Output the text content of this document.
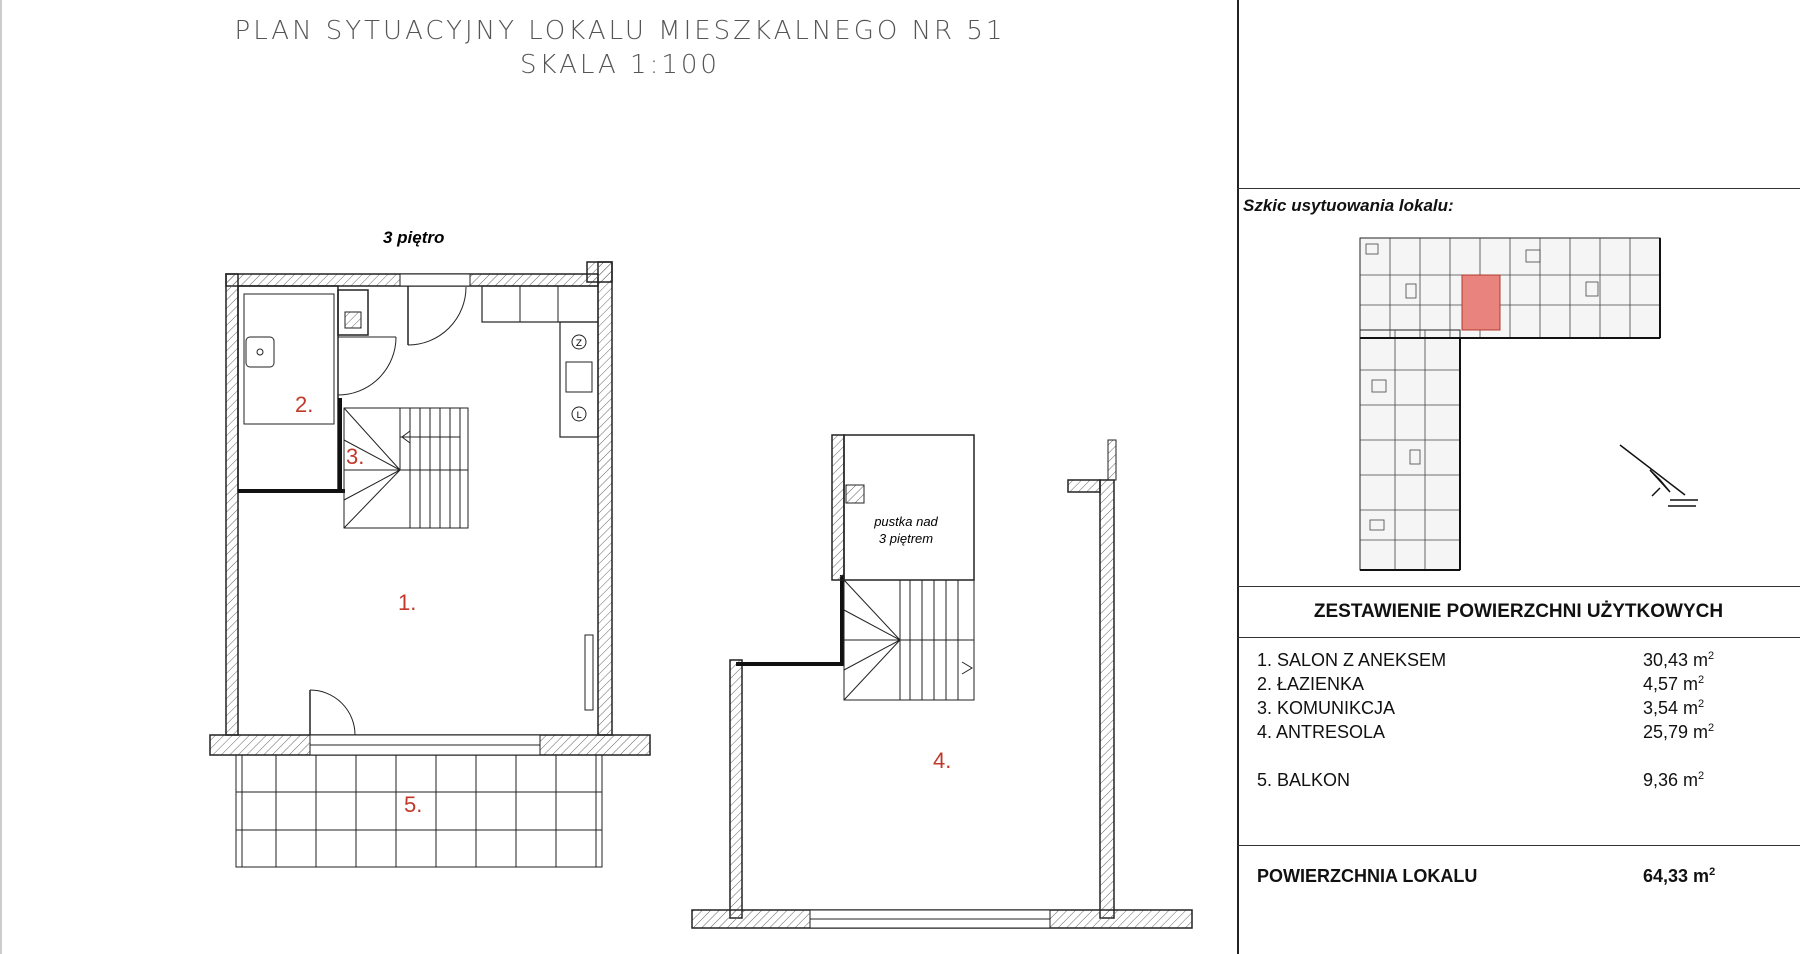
PLAN SYTUACYJNY LOKALU MIESZKALNEGO NR 51
SKALA 1:100
Z
L
2.
3.
1.
5.
4.
3 piętro
pustka nad
3 piętrem
Szkic usytuowania lokalu:
ZESTAWIENIE POWIERZCHNI UŻYTKOWYCH
1. SALON Z ANEKSEM	30,43 $m^2$
2. ŁAZIENKA	4,57 $m^2$
3. KOMUNIKCJA	3,54 $m^2$
4. ANTRESOLA	25,79 $m^2$
5. BALKON	9,36 $m^2$
POWIERZCHNIA LOKALU	64,33 $m^2$
